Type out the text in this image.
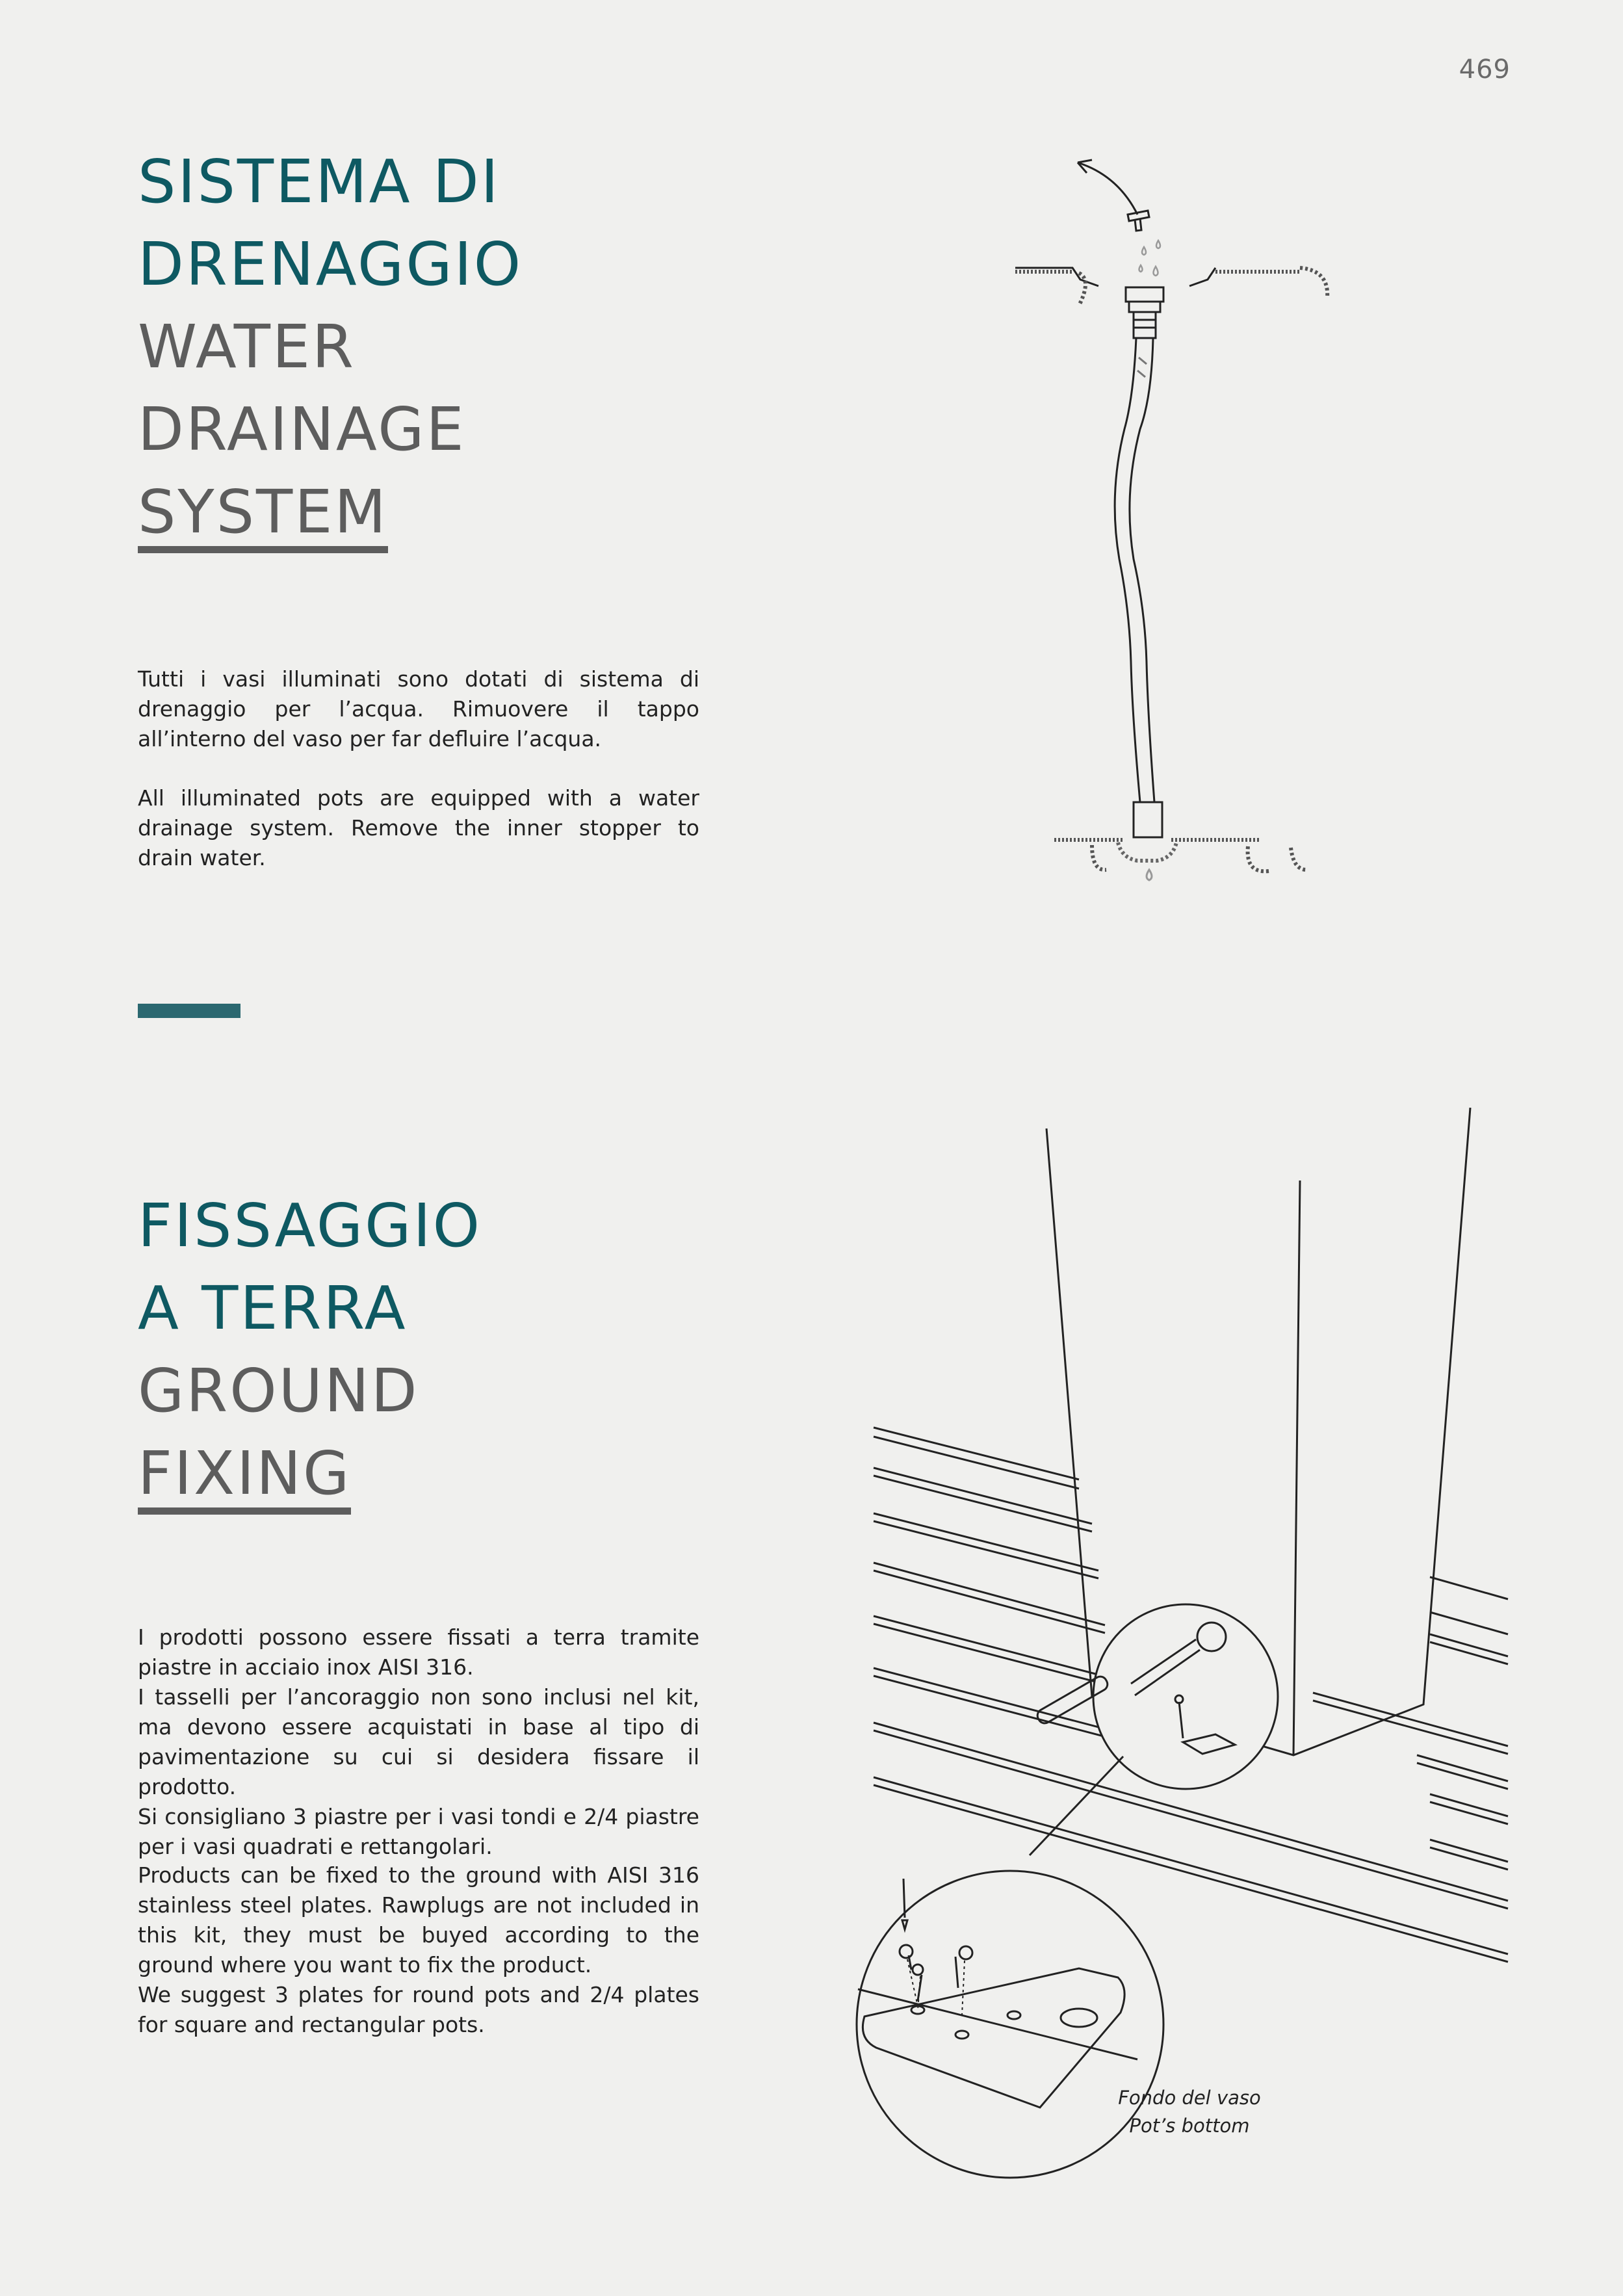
469
SISTEMA DI
DRENAGGIO
WATER
DRAINAGE
SYSTEM

Tutti i vasi illuminati sono dotati di sistema di drenaggio per l’acqua. Rimuovere il tappo all’interno del vaso per far defluire l’acqua.

All illuminated pots are equipped with a water drainage system. Remove the inner stopper to drain water.

FISSAGGIO
A TERRA
GROUND
FIXING
I prodotti possono essere fissati a terra tramite piastre in acciaio inox AISI 316.
I tasselli per l’ancoraggio non sono inclusi nel kit, ma devono essere acquistati in base al tipo di pavimentazione su cui si desidera fissare il prodotto.
Si consigliano 3 piastre per i vasi tondi e 2/4 piastre per i vasi quadrati e rettangolari.
Products can be fixed to the ground with AISI 316 stainless steel plates. Rawplugs are not included in this kit, they must be buyed according to the ground where you want to fix the product.
We suggest 3 plates for round pots and 2/4 plates for square and rectangular pots.
Fondo del vaso
Pot’s bottom
